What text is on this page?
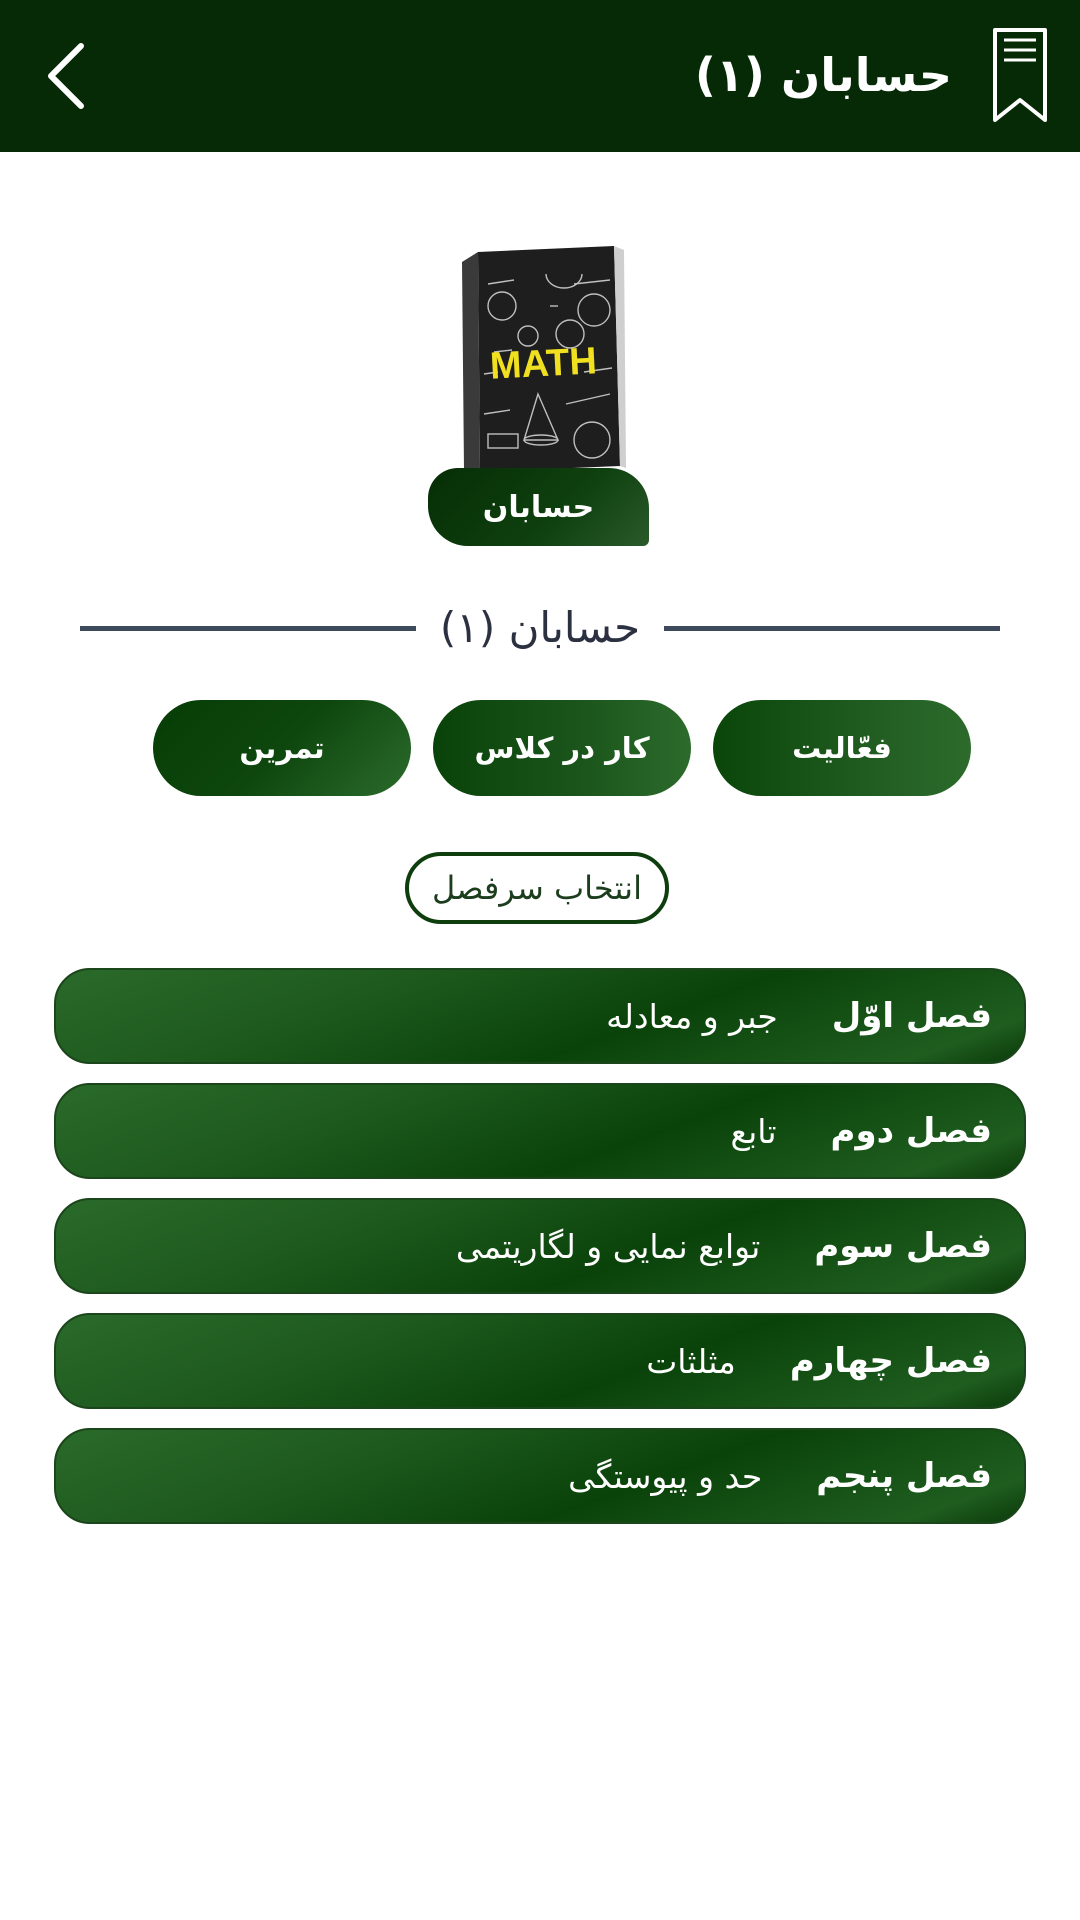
حسابان (۱)
MATH
حسابان
حسابان (۱)
فعّالیت
کار در کلاس
تمرین
انتخاب سرفصل
فصل اوّل
جبر و معادله
فصل دوم
تابع
فصل سوم
توابع نمایی و لگاریتمی
فصل چهارم
مثلثات
فصل پنجم
حد و پیوستگی
